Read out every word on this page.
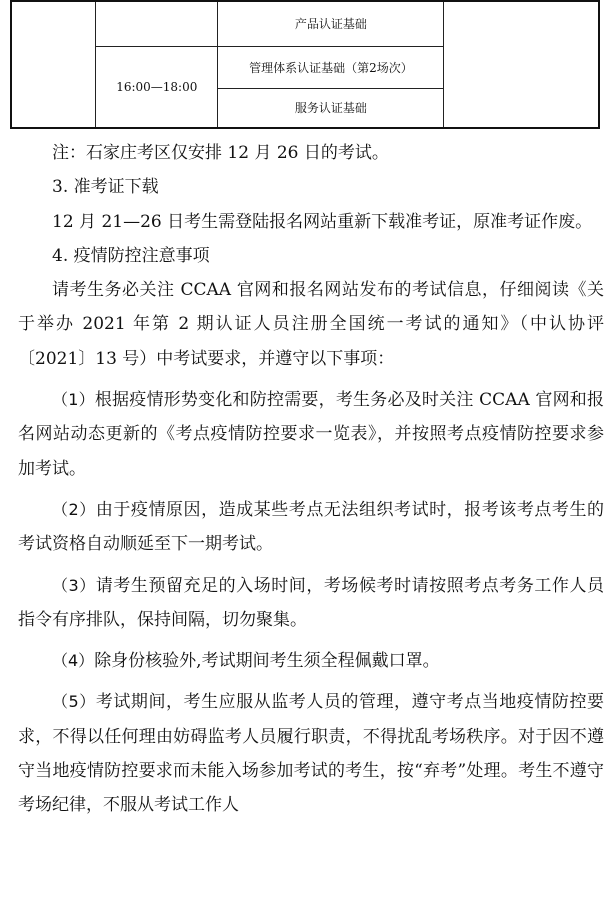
		产品认证基础	
	16:00—18:00	管理体系认证基础（第2场次）	
		服务认证基础	

注：石家庄考区仅安排 12 月 26 日的考试。

3. 准考证下载

12 月 21—26 日考生需登陆报名网站重新下载准考证，原准考证作废。

4. 疫情防控注意事项

请考生务必关注 CCAA 官网和报名网站发布的考试信息，仔细阅读《关于举办 2021 年第 2 期认证人员注册全国统一考试的通知》（中认协评〔2021〕13 号）中考试要求，并遵守以下事项：

（1）根据疫情形势变化和防控需要，考生务必及时关注 CCAA 官网和报名网站动态更新的《考点疫情防控要求一览表》，并按照考点疫情防控要求参加考试。

（2）由于疫情原因，造成某些考点无法组织考试时，报考该考点考生的考试资格自动顺延至下一期考试。

（3）请考生预留充足的入场时间，考场候考时请按照考点考务工作人员指令有序排队，保持间隔，切勿聚集。

（4）除身份核验外,考试期间考生须全程佩戴口罩。

（5）考试期间，考生应服从监考人员的管理，遵守考点当地疫情防控要求，不得以任何理由妨碍监考人员履行职责，不得扰乱考场秩序。对于因不遵守当地疫情防控要求而未能入场参加考试的考生，按“弃考”处理。考生不遵守考场纪律，不服从考试工作人
